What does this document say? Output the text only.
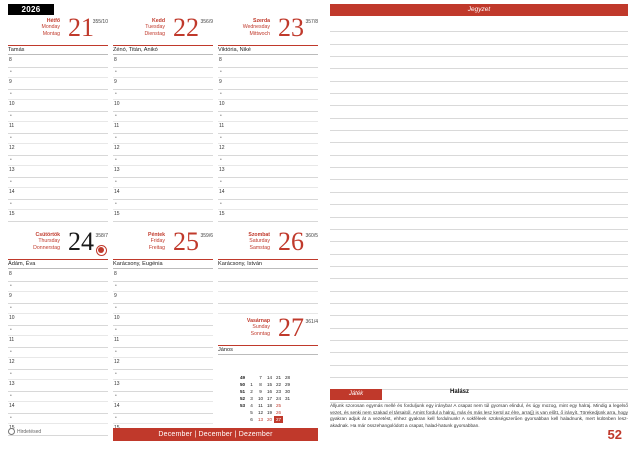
2026
Hétfő
Monday
Montag 21
355/10
Tamás
8
•
9
•
10
•
11
•
12
•
13
•
14
•
15
Kedd
Tuesday
Dienstag 22 356/9
Zénó, Titán, Anikó
8
•
9
•
10
•
11
•
12
•
13
•
14
•
15
Szerda
Wednesday
Mittwoch 23 357/8
Viktória, Niké
8
•
9
•
10
•
11
•
12
•
13
•
14
•
15
Csütörtök
Thursday
Donnerstag 24 358/7
Ádám, Éva
8
•
9
•
10
•
11
•
12
•
13
•
14
•
15
Péntek
Friday
Freitag 25 359/6
Karácsony, Eugénia
8
•
9
•
10
•
11
•
12
•
13
•
14
•
Szombat
Saturday
Samstag 26 360/5
Karácsony, István
Vasárnap
Sunday
Sonntag 27 361/4
János
49		7	14	21	28
50	1	8	15	22	29
51	2	9	16	23	30
52	3	10	17	24	31
53	4	11	18	25	
	5	12	19	26	
	6	13	20	27	
Hirdetésed	December | December | Dezember
Jegyzet
Játék	Halász
Álljunk szorosan egymás mellé és forduljunk egy irányba! A csapat nem túl gyorsan elindul, és úgy mozog, mint egy halraj. Mindig a legelső vezet, és senki nem szakad el társaitól. Amint fordul a halraj, más és más lesz kerül az élre, arra(j) is van előtt, ő irányít. Törekedjünk arra, hogy gyakran adjuk át a vezetést, ehhez gyakran kell fordulnunk! A sokféleek szükségszerűen gyorsabban kell haladnunk, mert különben lesz-akadnak. Ha már összehangolódott a csapat, halad-hatunk gyorsabban.
52
